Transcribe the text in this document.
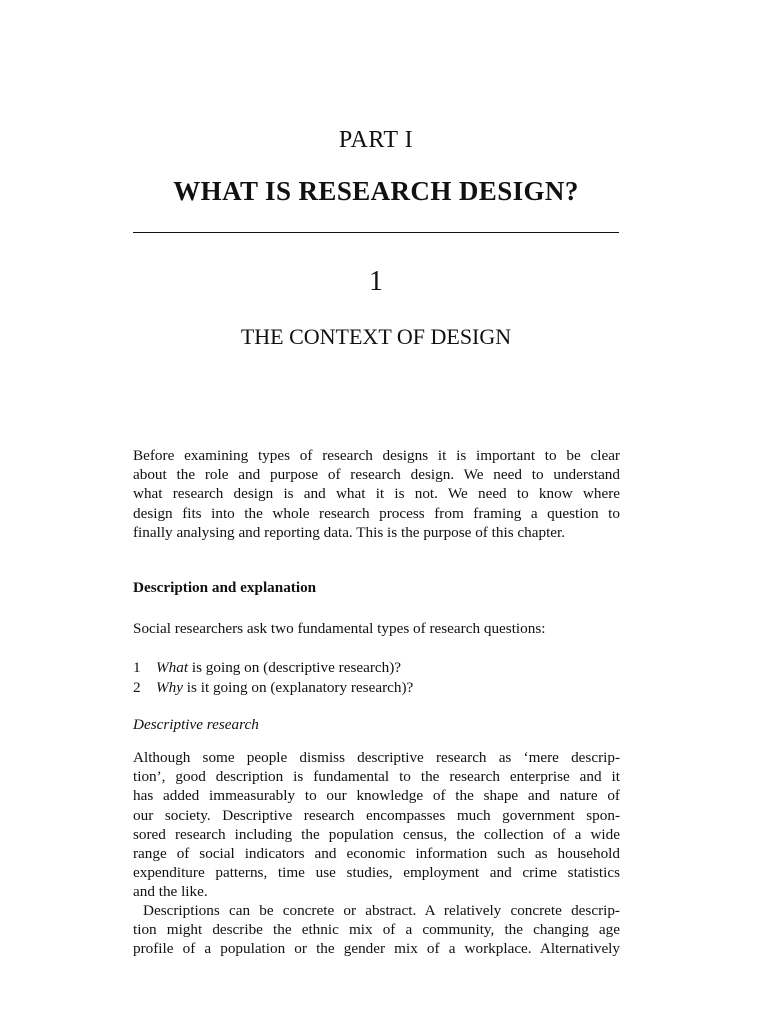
PART I
WHAT IS RESEARCH DESIGN?
1
THE CONTEXT OF DESIGN
Before examining types of research designs it is important to be clear
about the role and purpose of research design. We need to understand
what research design is and what it is not. We need to know where
design fits into the whole research process from framing a question to
finally analysing and reporting data. This is the purpose of this chapter.
Description and explanation
Social researchers ask two fundamental types of research questions:
1 What is going on (descriptive research)?
2 Why is it going on (explanatory research)?
Descriptive research
Although some people dismiss descriptive research as ‘mere descrip-
tion’, good description is fundamental to the research enterprise and it
has added immeasurably to our knowledge of the shape and nature of
our society. Descriptive research encompasses much government spon-
sored research including the population census, the collection of a wide
range of social indicators and economic information such as household
expenditure patterns, time use studies, employment and crime statistics
and the like.
Descriptions can be concrete or abstract. A relatively concrete descrip-
tion might describe the ethnic mix of a community, the changing age
profile of a population or the gender mix of a workplace. Alternatively
